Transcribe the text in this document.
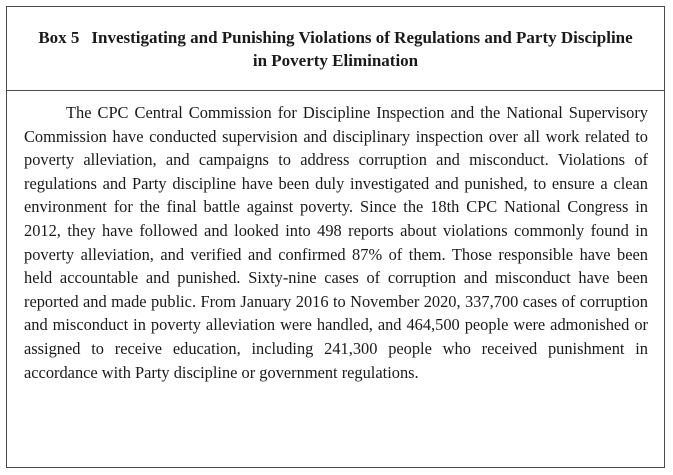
Box 5 Investigating and Punishing Violations of Regulations and Party Discipline in Poverty Elimination

The CPC Central Commission for Discipline Inspection and the National Supervisory Commission have conducted supervision and disciplinary inspection over all work related to poverty alleviation, and campaigns to address corruption and misconduct. Violations of regulations and Party discipline have been duly investigated and punished, to ensure a clean environment for the final battle against poverty. Since the 18th CPC National Congress in 2012, they have followed and looked into 498 reports about violations commonly found in poverty alleviation, and verified and confirmed 87% of them. Those responsible have been held accountable and punished. Sixty-nine cases of corruption and misconduct have been reported and made public. From January 2016 to November 2020, 337,700 cases of corruption and misconduct in poverty alleviation were handled, and 464,500 people were admonished or assigned to receive education, including 241,300 people who received punishment in accordance with Party discipline or government regulations.
